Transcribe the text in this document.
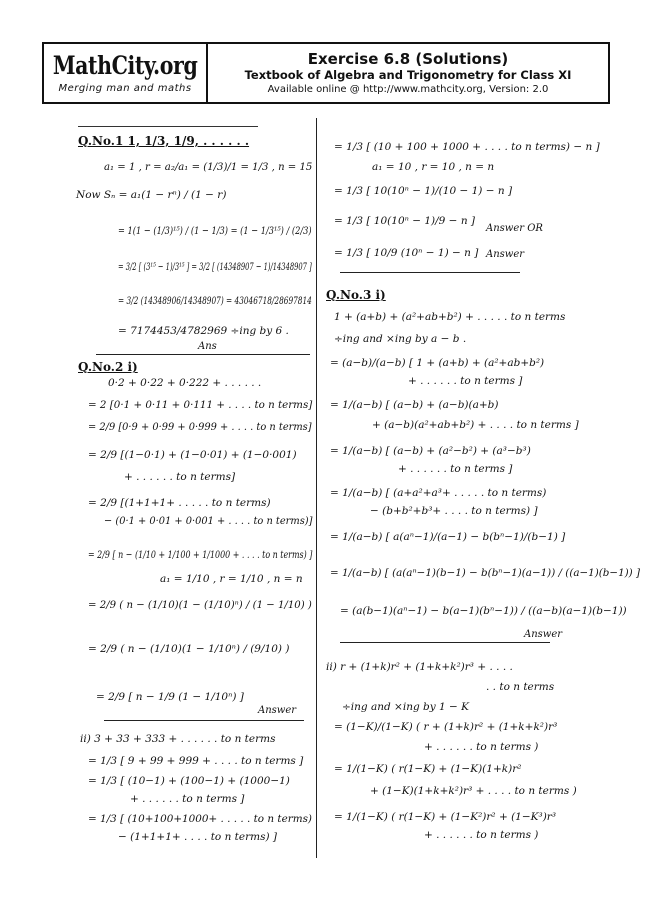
MathCity.org
Merging man and maths
Exercise 6.8 (Solutions)
Textbook of Algebra and Trigonometry for Class XI
Available online @ http://www.mathcity.org, Version: 2.0
Q.No.1 1, 1/3, 1/9, . . . . . .
a₁ = 1 , r = a₂/a₁ = (1/3)/1 = 1/3 , n = 15
Now Sₙ = a₁(1 − rⁿ) / (1 − r)
= 1(1 − (1/3)¹⁵) / (1 − 1/3) = (1 − 1/3¹⁵) / (2/3)
= 3/2 [ (3¹⁵ − 1)/3¹⁵ ] = 3/2 [ (14348907 − 1)/14348907 ]
= 3/2 (14348906/14348907) = 43046718/28697814
= 7174453/4782969 ÷ing by 6 .
Ans
Q.No.2 i)
0·2 + 0·22 + 0·222 + . . . . . .
= 2 [0·1 + 0·11 + 0·111 + . . . . to n terms]
= 2/9 [0·9 + 0·99 + 0·999 + . . . . to n terms]
= 2/9 [(1−0·1) + (1−0·01) + (1−0·001)
+ . . . . . . to n terms]
= 2/9 [(1+1+1+ . . . . . to n terms)
− (0·1 + 0·01 + 0·001 + . . . . to n terms)]
= 2/9 [ n − (1/10 + 1/100 + 1/1000 + . . . . to n terms) ]
a₁ = 1/10 , r = 1/10 , n = n
= 2/9 ( n − (1/10)(1 − (1/10)ⁿ) / (1 − 1/10) )
= 2/9 ( n − (1/10)(1 − 1/10ⁿ) / (9/10) )
= 2/9 [ n − 1/9 (1 − 1/10ⁿ) ]
Answer
ii) 3 + 33 + 333 + . . . . . . to n terms
= 1/3 [ 9 + 99 + 999 + . . . . to n terms ]
= 1/3 [ (10−1) + (100−1) + (1000−1)
+ . . . . . . to n terms ]
= 1/3 [ (10+100+1000+ . . . . . to n terms)
− (1+1+1+ . . . . to n terms) ]
= 1/3 [ (10 + 100 + 1000 + . . . . to n terms) − n ]
a₁ = 10 , r = 10 , n = n
= 1/3 [ 10(10ⁿ − 1)/(10 − 1) − n ]
= 1/3 [ 10(10ⁿ − 1)/9 − n ]
Answer OR
= 1/3 [ 10/9 (10ⁿ − 1) − n ] Answer
Q.No.3 i)
1 + (a+b) + (a²+ab+b²) + . . . . . to n terms
÷ing and ×ing by a − b .
= (a−b)/(a−b) [ 1 + (a+b) + (a²+ab+b²)
+ . . . . . . to n terms ]
= 1/(a−b) [ (a−b) + (a−b)(a+b)
+ (a−b)(a²+ab+b²) + . . . . to n terms ]
= 1/(a−b) [ (a−b) + (a²−b²) + (a³−b³)
+ . . . . . . to n terms ]
= 1/(a−b) [ (a+a²+a³+ . . . . . to n terms)
− (b+b²+b³+ . . . . to n terms) ]
= 1/(a−b) [ a(aⁿ−1)/(a−1) − b(bⁿ−1)/(b−1) ]
= 1/(a−b) [ (a(aⁿ−1)(b−1) − b(bⁿ−1)(a−1)) / ((a−1)(b−1)) ]
= (a(b−1)(aⁿ−1) − b(a−1)(bⁿ−1)) / ((a−b)(a−1)(b−1))
Answer
ii) r + (1+k)r² + (1+k+k²)r³ + . . . .
. . to n terms
÷ing and ×ing by 1 − K
= (1−K)/(1−K) ( r + (1+k)r² + (1+k+k²)r³
+ . . . . . . to n terms )
= 1/(1−K) ( r(1−K) + (1−K)(1+k)r²
+ (1−K)(1+k+k²)r³ + . . . . to n terms )
= 1/(1−K) ( r(1−K) + (1−K²)r² + (1−K³)r³
+ . . . . . . to n terms )
